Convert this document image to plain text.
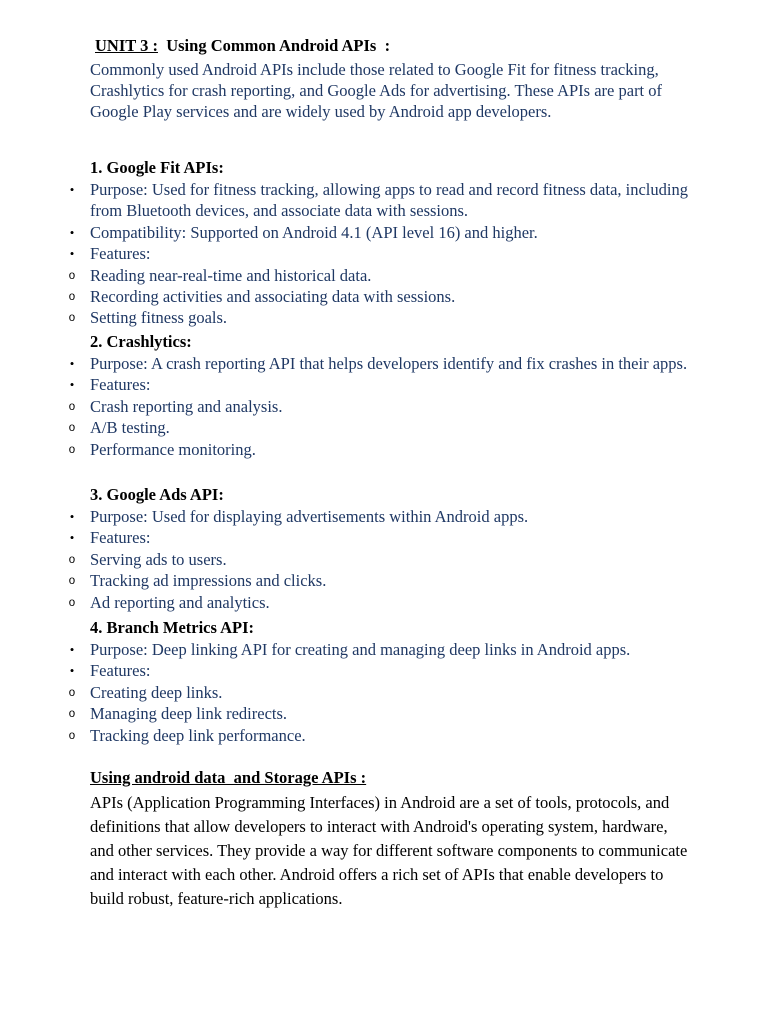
UNIT 3 :  Using Common Android APIs  :
Commonly used Android APIs include those related to Google Fit for fitness tracking, Crashlytics for crash reporting, and Google Ads for advertising. These APIs are part of Google Play services and are widely used by Android app developers.
1. Google Fit APIs:
• Purpose: Used for fitness tracking, allowing apps to read and record fitness data, including from Bluetooth devices, and associate data with sessions.
• Compatibility: Supported on Android 4.1 (API level 16) and higher.
• Features:
o Reading near-real-time and historical data.
o Recording activities and associating data with sessions.
o Setting fitness goals.
2. Crashlytics:
• Purpose: A crash reporting API that helps developers identify and fix crashes in their apps.
• Features:
o Crash reporting and analysis.
o A/B testing.
o Performance monitoring.
3. Google Ads API:
• Purpose: Used for displaying advertisements within Android apps.
• Features:
o Serving ads to users.
o Tracking ad impressions and clicks.
o Ad reporting and analytics.
4. Branch Metrics API:
• Purpose: Deep linking API for creating and managing deep links in Android apps.
• Features:
o Creating deep links.
o Managing deep link redirects.
o Tracking deep link performance.
Using android data  and Storage APIs :
APIs (Application Programming Interfaces) in Android are a set of tools, protocols, and definitions that allow developers to interact with Android's operating system, hardware, and other services. They provide a way for different software components to communicate and interact with each other. Android offers a rich set of APIs that enable developers to build robust, feature-rich applications.
